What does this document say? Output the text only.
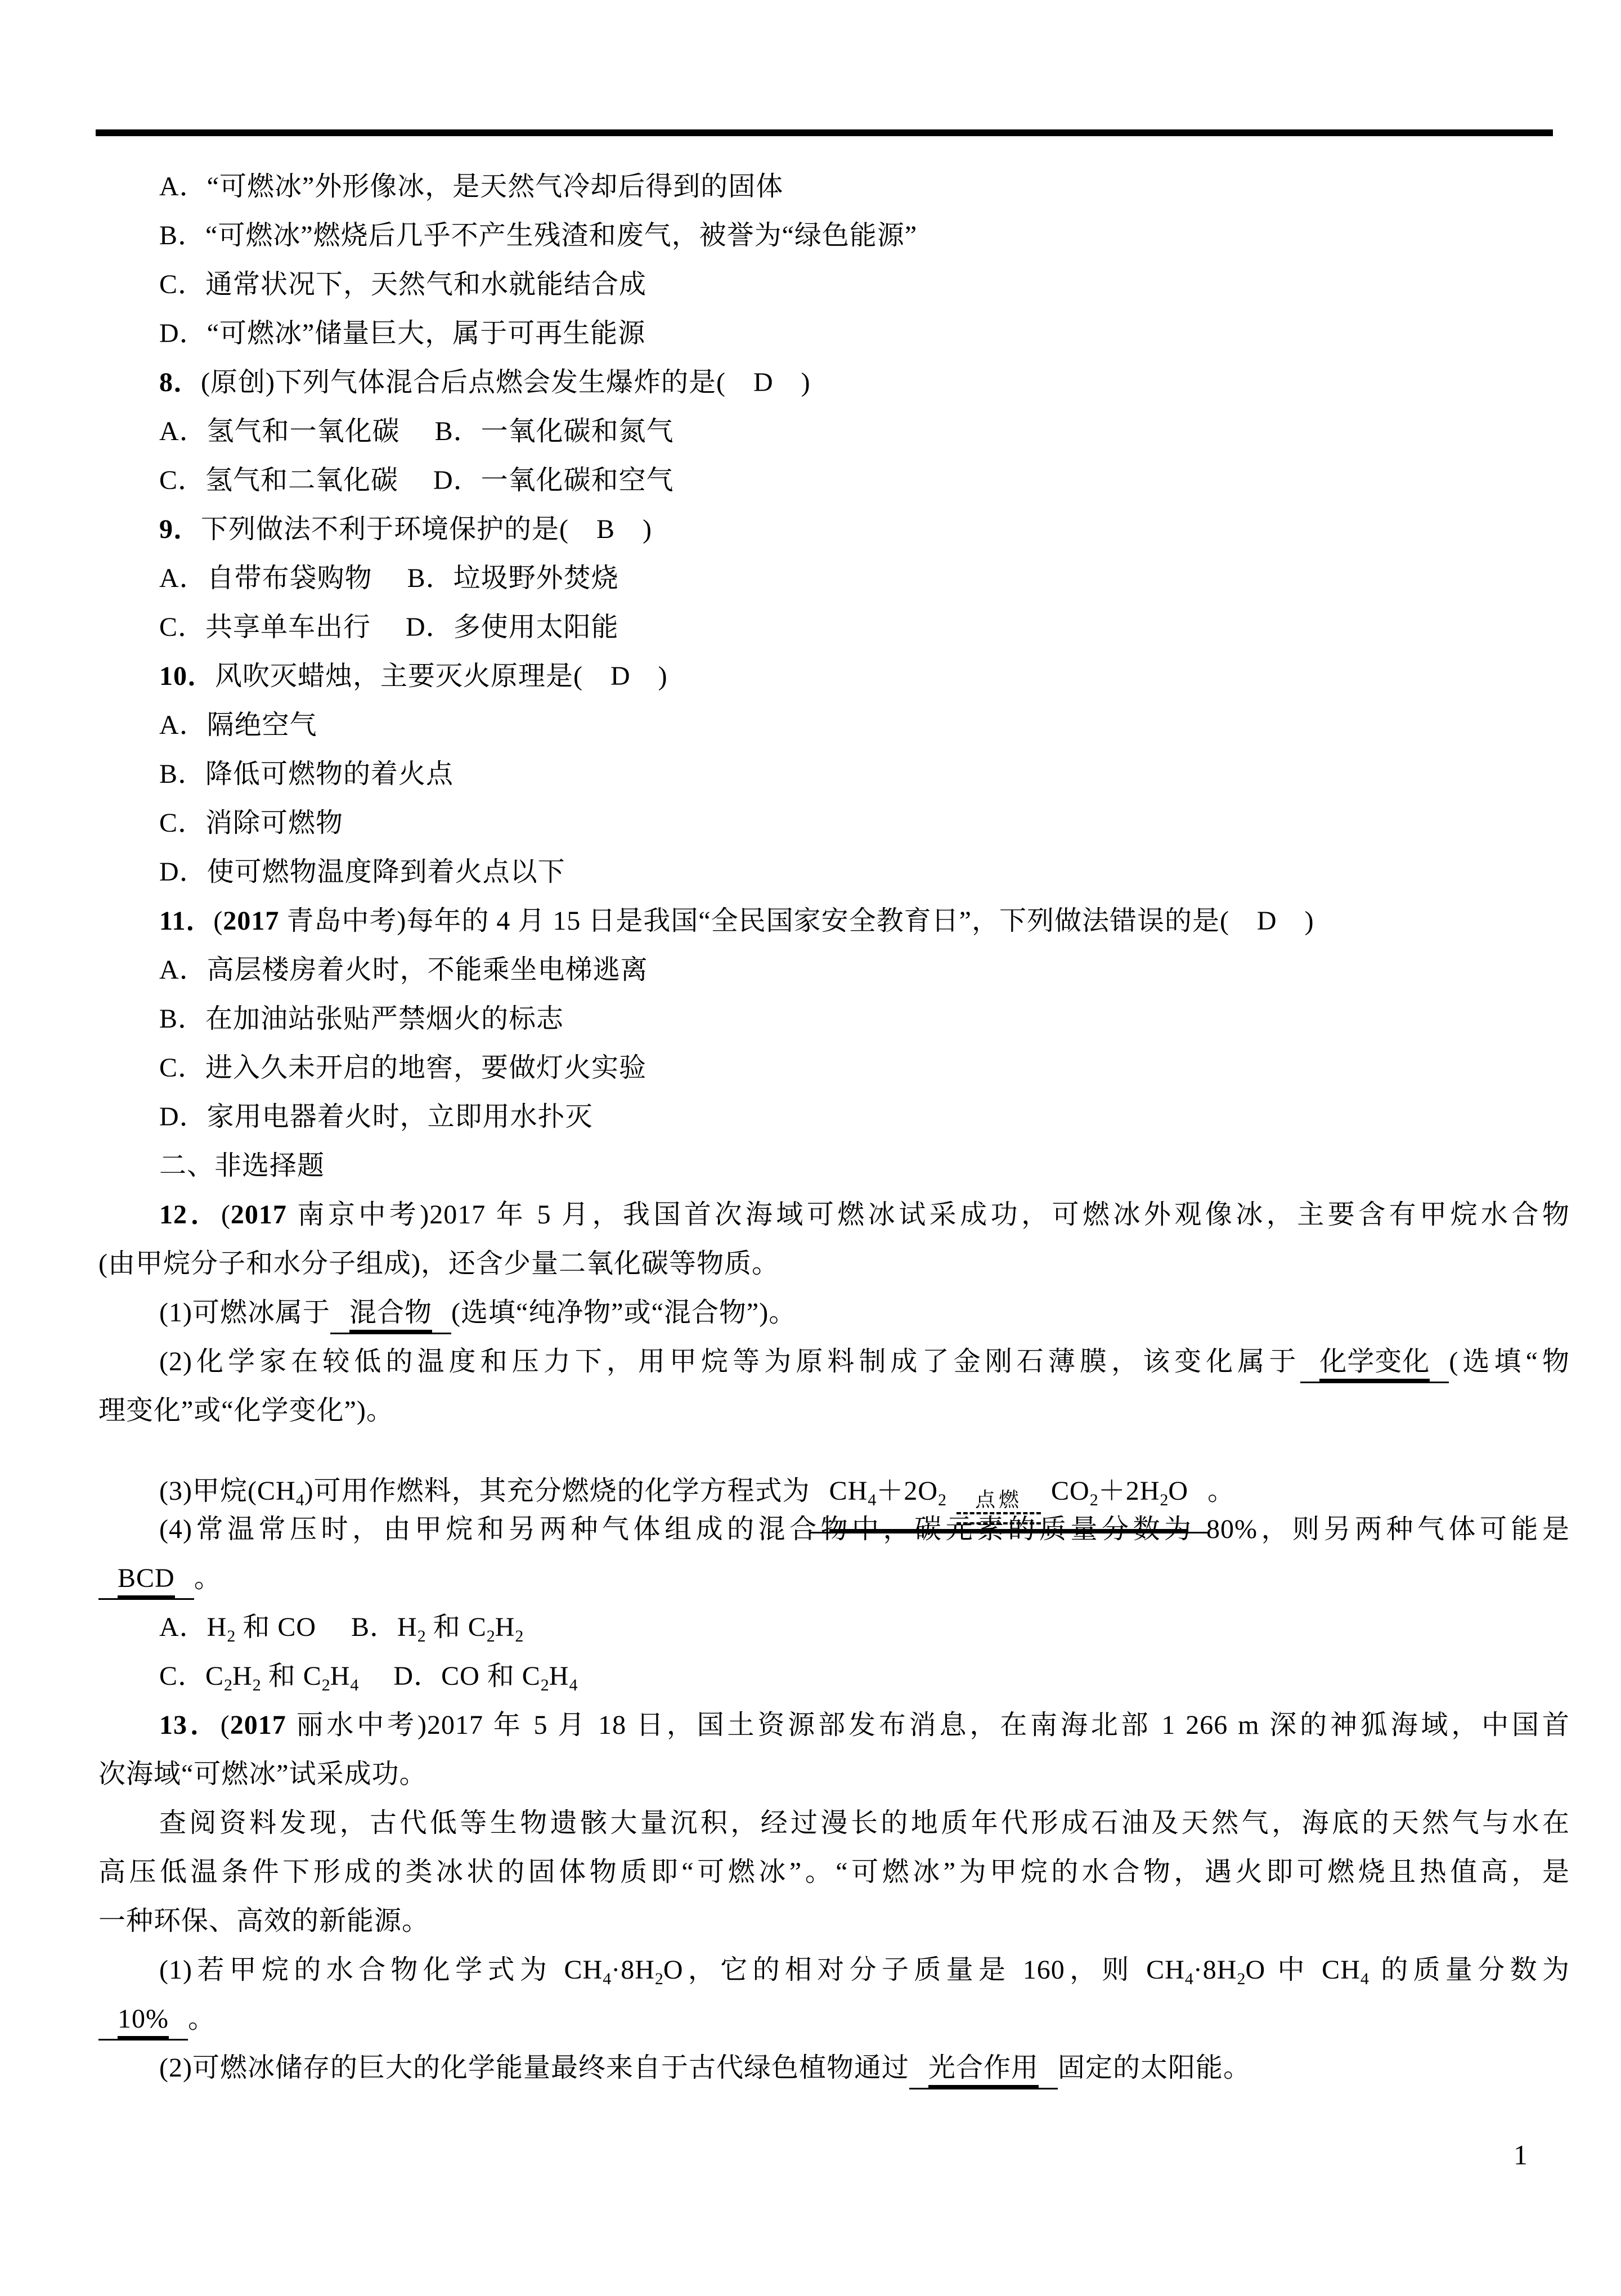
A．“可燃冰”外形像冰，是天然气冷却后得到的固体
B．“可燃冰”燃烧后几乎不产生残渣和废气，被誉为“绿色能源”
C．通常状况下，天然气和水就能结合成
D．“可燃冰”储量巨大，属于可再生能源
8．(原创)下列气体混合后点燃会发生爆炸的是(　D　)
A．氢气和一氧化碳　 B．一氧化碳和氮气
C．氢气和二氧化碳　 D．一氧化碳和空气
9．下列做法不利于环境保护的是(　B　)
A．自带布袋购物　 B．垃圾野外焚烧
C．共享单车出行　 D．多使用太阳能
10．风吹灭蜡烛，主要灭火原理是(　D　)
A．隔绝空气
B．降低可燃物的着火点
C．消除可燃物
D．使可燃物温度降到着火点以下
11．(2017 青岛中考)每年的 4 月 15 日是我国“全民国家安全教育日”，下列做法错误的是(　D　)
A．高层楼房着火时，不能乘坐电梯逃离
B．在加油站张贴严禁烟火的标志
C．进入久未开启的地窖，要做灯火实验
D．家用电器着火时，立即用水扑灭
二、非选择题
12．(2017 南京中考)2017 年 5 月，我国首次海域可燃冰试采成功，可燃冰外观像冰，主要含有甲烷水合物
(由甲烷分子和水分子组成)，还含少量二氧化碳等物质。
(1)可燃冰属于 混合物 (选填“纯净物”或“混合物”)。
(2)化学家在较低的温度和压力下，用甲烷等为原料制成了金刚石薄膜，该变化属于 化学变化 (选填“物
理变化”或“化学变化”)。
(3)甲烷$(CH_4)$可用作燃料，其充分燃烧的化学方程式为 $CH_4+2O_2$	点燃	$CO_2+2H_2O$ 。
(4)常温常压时，由甲烷和另两种气体组成的混合物中，碳元素的质量分数为 80%，则另两种气体可能是
BCD 。
A．$H_2$ 和 CO　 B．$H_2$ 和 $C_2H_2$
C．$C_2H_2$ 和 $C_2H_4$　 D．CO 和 $C_2H_4$
13．(2017 丽水中考)2017 年 5 月 18 日，国土资源部发布消息，在南海北部 1 266 m 深的神狐海域，中国首
次海域“可燃冰”试采成功。
查阅资料发现，古代低等生物遗骸大量沉积，经过漫长的地质年代形成石油及天然气，海底的天然气与水在
高压低温条件下形成的类冰状的固体物质即“可燃冰”。“可燃冰”为甲烷的水合物，遇火即可燃烧且热值高，是
一种环保、高效的新能源。
(1)若甲烷的水合物化学式为 $CH_4\cdot 8H_2O$，它的相对分子质量是 160，则 $CH_4\cdot 8H_2O$ 中 $CH_4$ 的质量分数为
10% 。
(2)可燃冰储存的巨大的化学能量最终来自于古代绿色植物通过 光合作用 固定的太阳能。
1
